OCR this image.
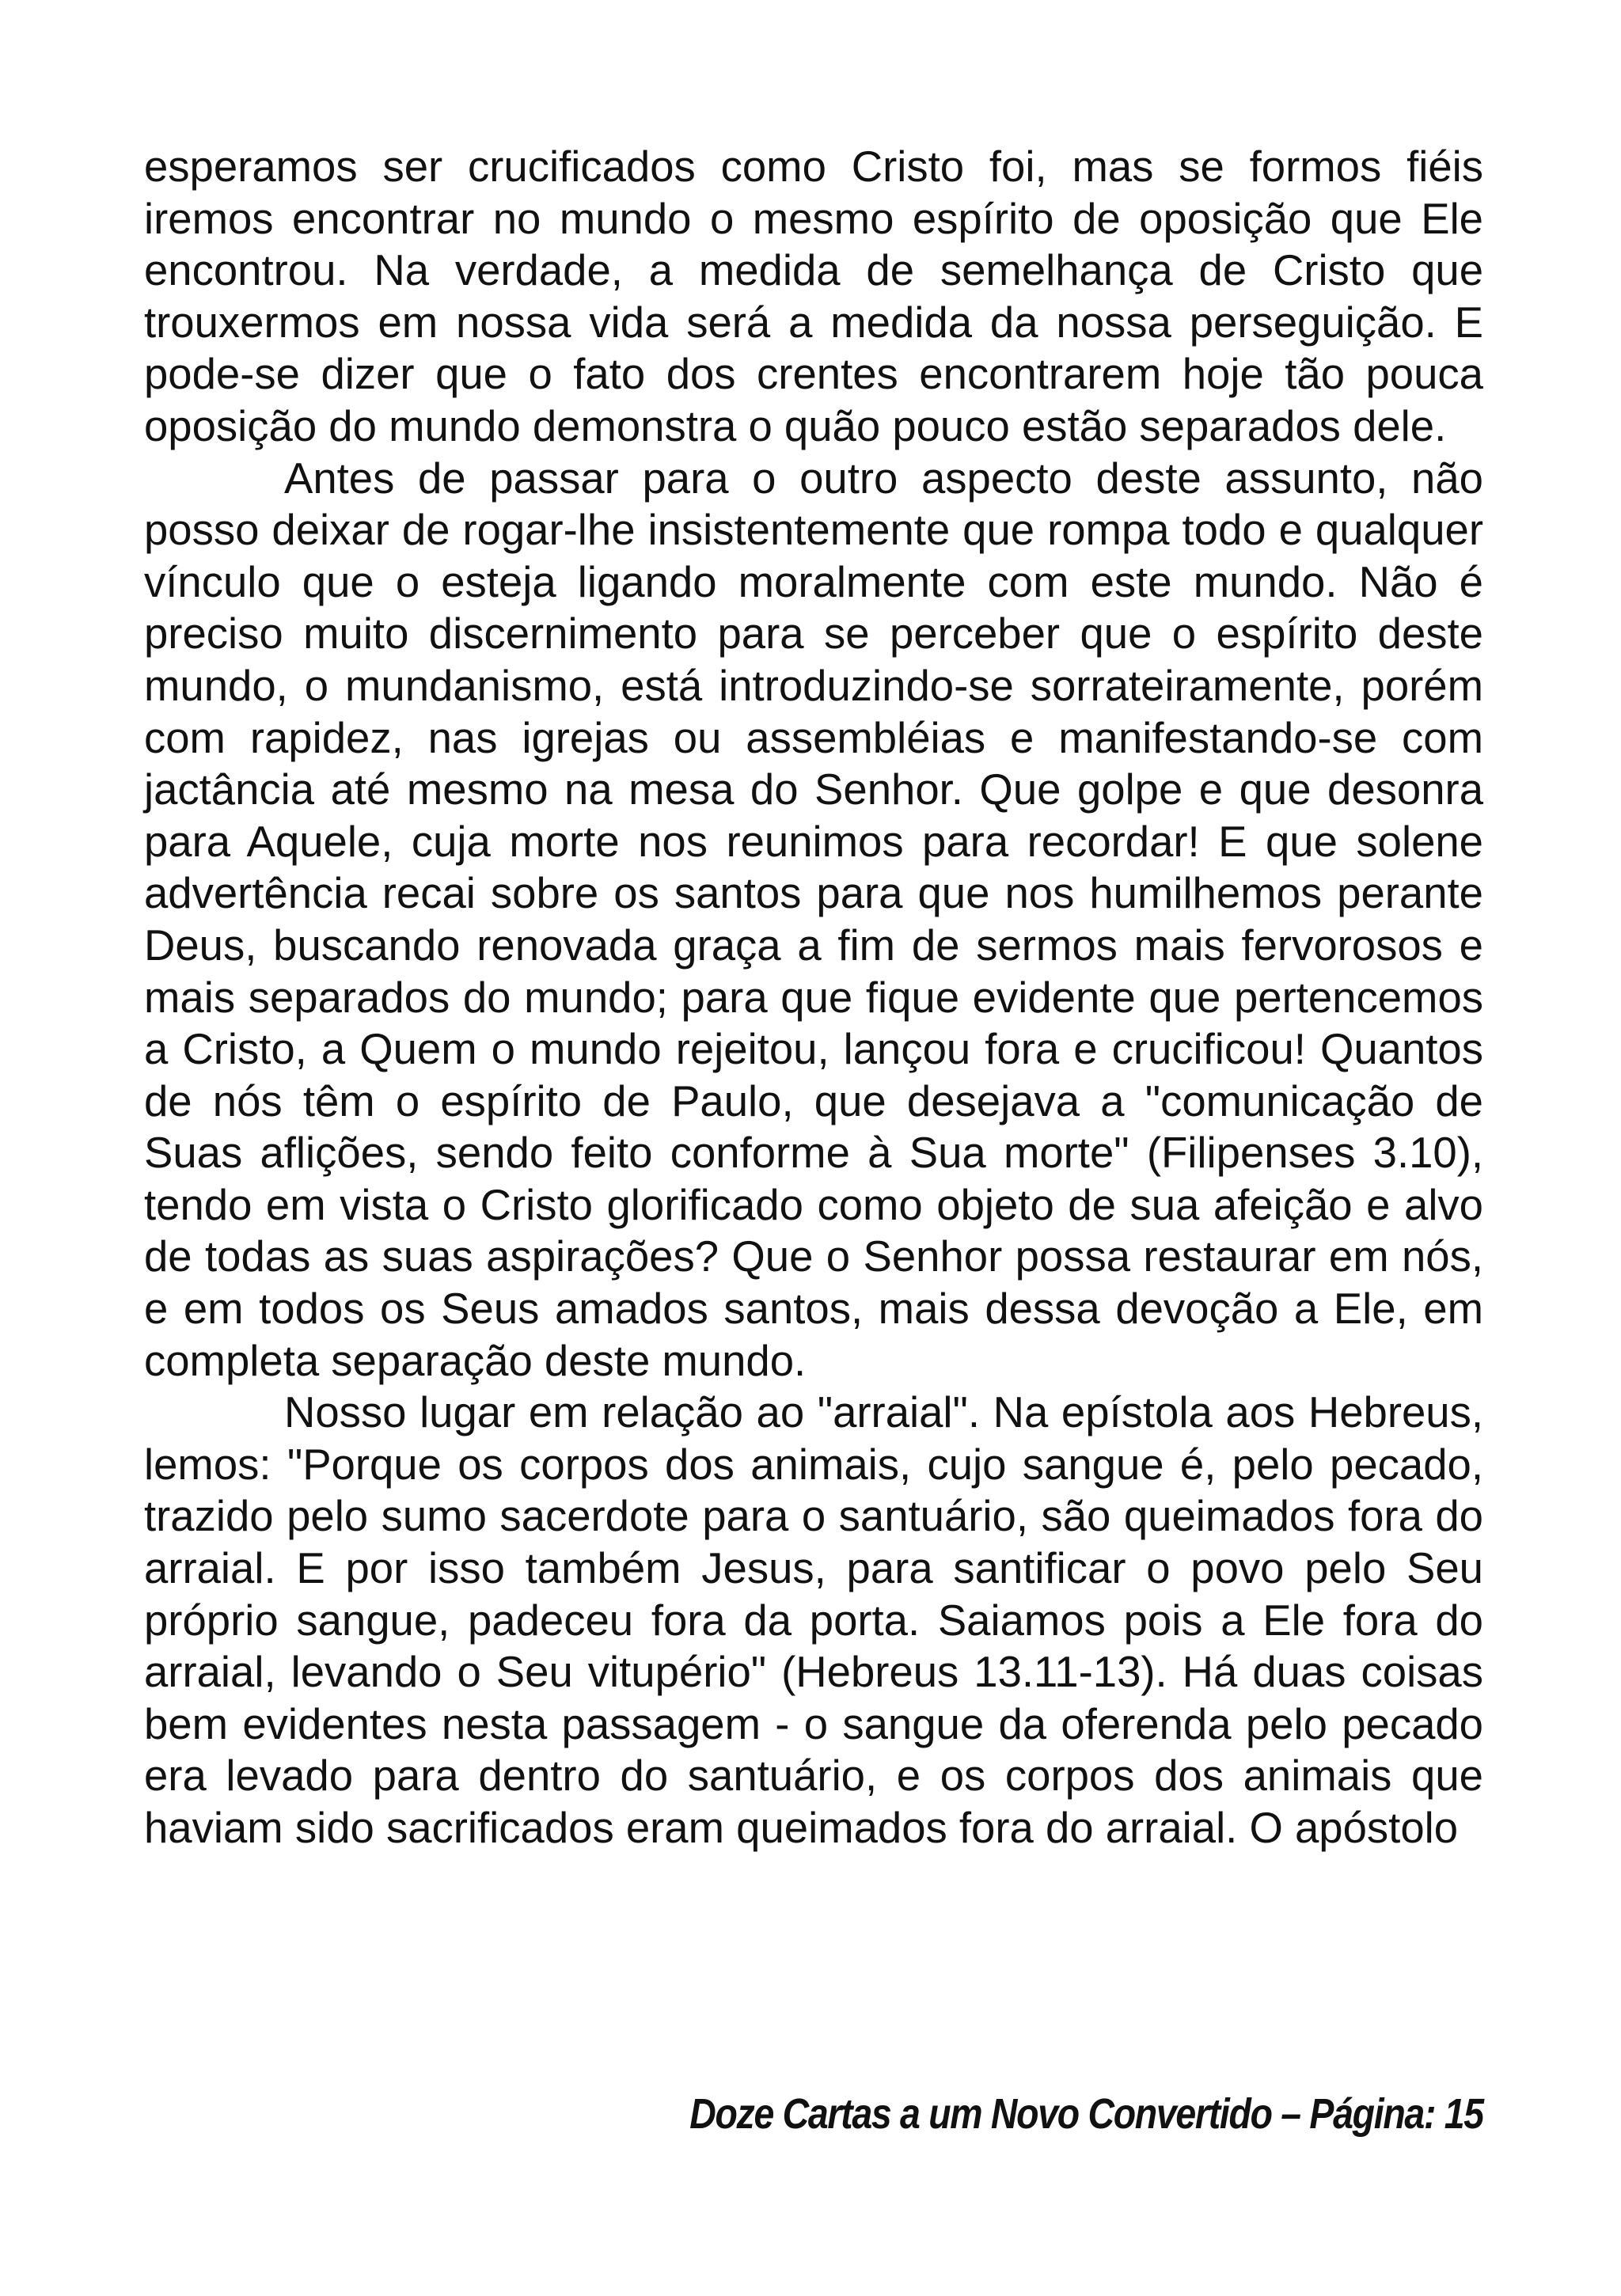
esperamos ser crucificados como Cristo foi, mas se formos fiéis iremos encontrar no mundo o mesmo espírito de oposição que Ele encontrou. Na verdade, a medida de semelhança de Cristo que trouxermos em nossa vida será a medida da nossa perseguição. E pode-se dizer que o fato dos crentes encontrarem hoje tão pouca oposição do mundo demonstra o quão pouco estão separados dele.

Antes de passar para o outro aspecto deste assunto, não posso deixar de rogar-lhe insistentemente que rompa todo e qualquer vínculo que o esteja ligando moralmente com este mundo. Não é preciso muito discernimento para se perceber que o espírito deste mundo, o mundanismo, está introduzindo-se sorrateiramente, porém com rapidez, nas igrejas ou assembléias e manifestando-se com jactância até mesmo na mesa do Senhor. Que golpe e que desonra para Aquele, cuja morte nos reunimos para recordar! E que solene advertência recai sobre os santos para que nos humilhemos perante Deus, buscando renovada graça a fim de sermos mais fervorosos e mais separados do mundo; para que fique evidente que pertencemos a Cristo, a Quem o mundo rejeitou, lançou fora e crucificou! Quantos de nós têm o espírito de Paulo, que desejava a "comunicação de Suas aflições, sendo feito conforme à Sua morte" (Filipenses 3.10), tendo em vista o Cristo glorificado como objeto de sua afeição e alvo de todas as suas aspirações? Que o Senhor possa restaurar em nós, e em todos os Seus amados santos, mais dessa devoção a Ele, em completa separação deste mundo.

Nosso lugar em relação ao "arraial". Na epístola aos Hebreus, lemos: "Porque os corpos dos animais, cujo sangue é, pelo pecado, trazido pelo sumo sacerdote para o santuário, são queimados fora do arraial. E por isso também Jesus, para santificar o povo pelo Seu próprio sangue, padeceu fora da porta. Saiamos pois a Ele fora do arraial, levando o Seu vitupério" (Hebreus 13.11-13). Há duas coisas bem evidentes nesta passagem - o sangue da oferenda pelo pecado era levado para dentro do santuário, e os corpos dos animais que haviam sido sacrificados eram queimados fora do arraial. O apóstolo

Doze Cartas a um Novo Convertido – Página: 15
